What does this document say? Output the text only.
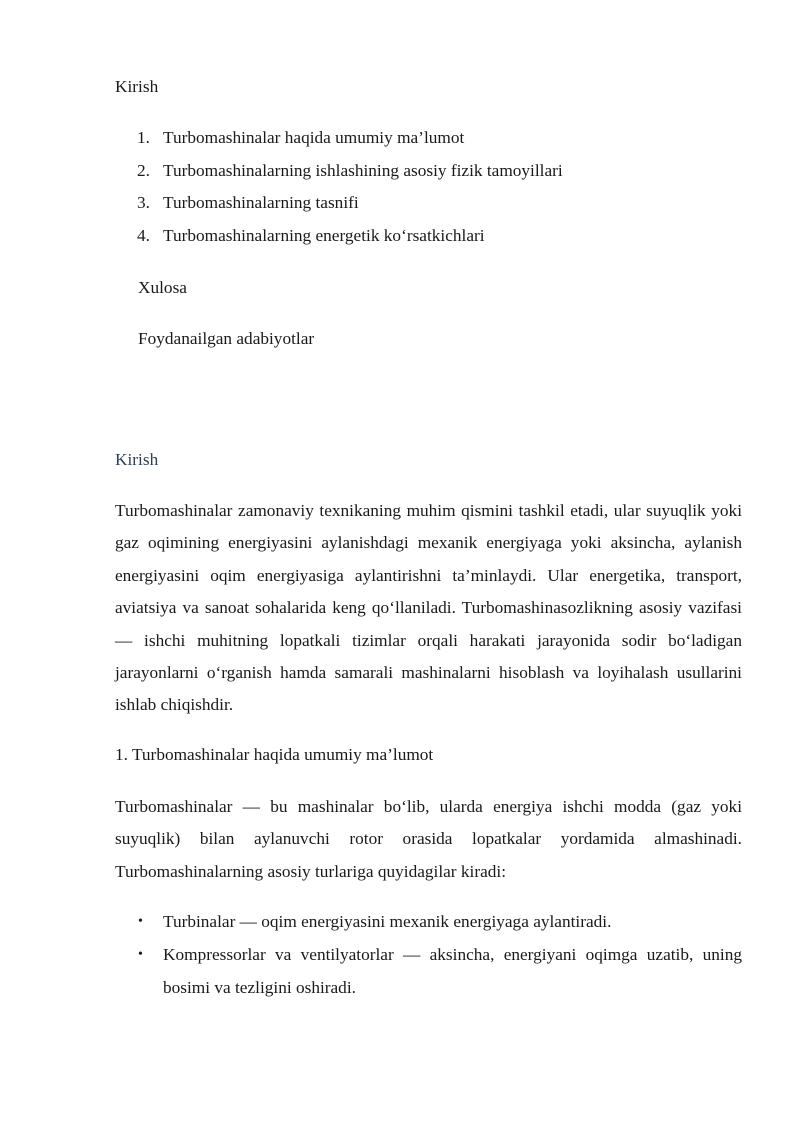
Kirish
1. Turbomashinalar haqida umumiy ma’lumot
2. Turbomashinalarning ishlashining asosiy fizik tamoyillari
3. Turbomashinalarning tasnifi
4. Turbomashinalarning energetik koʻrsatkichlari
Xulosa
Foydanailgan adabiyotlar
Kirish

Turbomashinalar zamonaviy texnikaning muhim qismini tashkil etadi, ular suyuqlik yoki gaz oqimining energiyasini aylanishdagi mexanik energiyaga yoki aksincha, aylanish energiyasini oqim energiyasiga aylantirishni ta’minlaydi. Ular energetika, transport, aviatsiya va sanoat sohalarida keng qoʻllaniladi. Turbomashinasozlikning asosiy vazifasi — ishchi muhitning lopatkali tizimlar orqali harakati jarayonida sodir boʻladigan jarayonlarni oʻrganish hamda samarali mashinalarni hisoblash va loyihalash usullarini ishlab chiqishdir.

1. Turbomashinalar haqida umumiy ma’lumot

Turbomashinalar — bu mashinalar boʻlib, ularda energiya ishchi modda (gaz yoki suyuqlik) bilan aylanuvchi rotor orasida lopatkalar yordamida almashinadi. Turbomashinalarning asosiy turlariga quyidagilar kiradi:

• Turbinalar — oqim energiyasini mexanik energiyaga aylantiradi.
• Kompressorlar va ventilyatorlar — aksincha, energiyani oqimga uzatib, uning bosimi va tezligini oshiradi.
